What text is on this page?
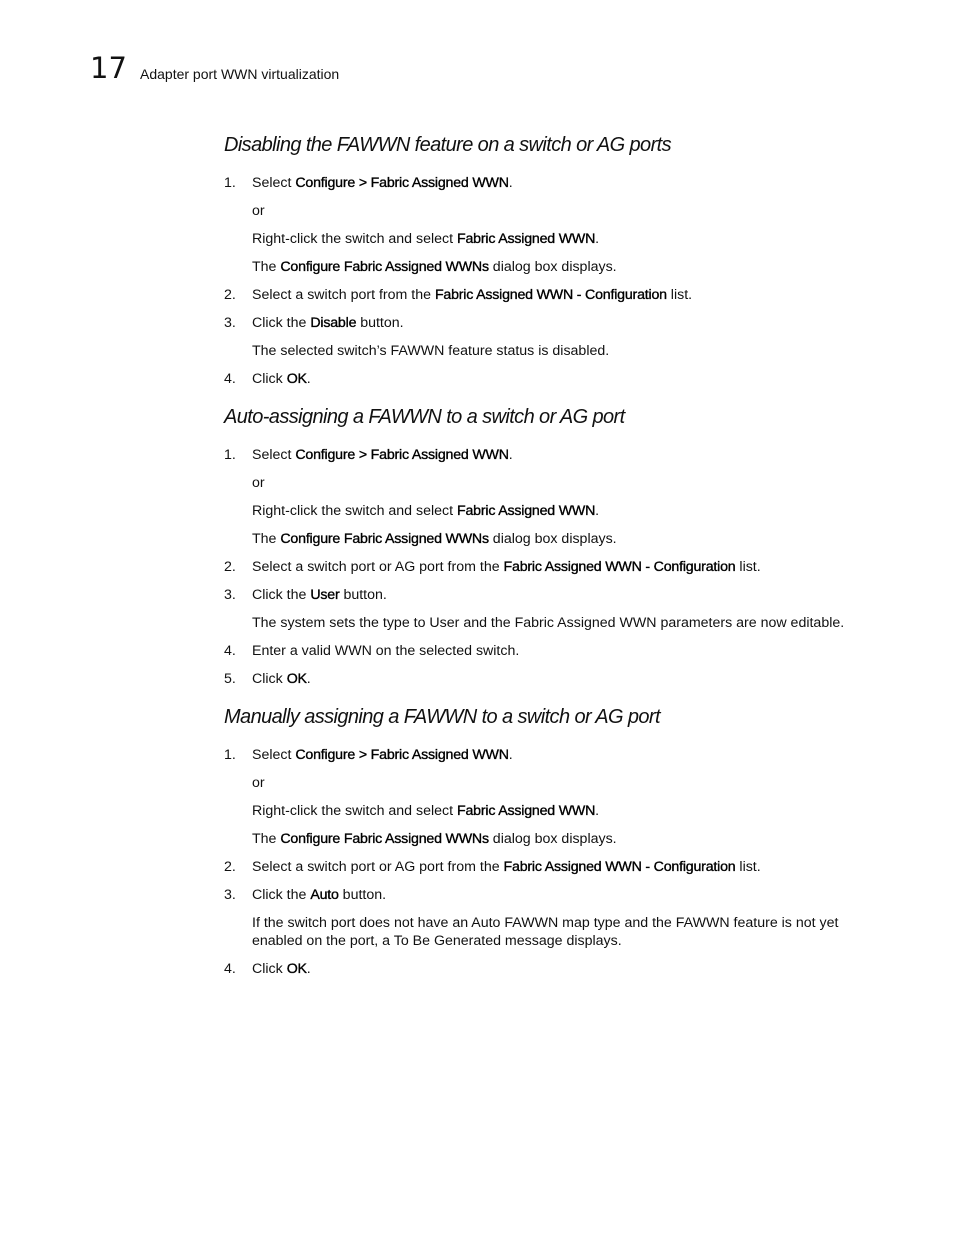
17 Adapter port WWN virtualization
Disabling the FAWWN feature on a switch or AG ports
1. Select Configure > Fabric Assigned WWN.
or
Right-click the switch and select Fabric Assigned WWN.
The Configure Fabric Assigned WWNs dialog box displays.
2. Select a switch port from the Fabric Assigned WWN - Configuration list.
3. Click the Disable button.
The selected switch’s FAWWN feature status is disabled.
4. Click OK.
Auto-assigning a FAWWN to a switch or AG port
1. Select Configure > Fabric Assigned WWN.
or
Right-click the switch and select Fabric Assigned WWN.
The Configure Fabric Assigned WWNs dialog box displays.
2. Select a switch port or AG port from the Fabric Assigned WWN - Configuration list.
3. Click the User button.
The system sets the type to User and the Fabric Assigned WWN parameters are now editable.
4. Enter a valid WWN on the selected switch.
5. Click OK.
Manually assigning a FAWWN to a switch or AG port
1. Select Configure > Fabric Assigned WWN.
or
Right-click the switch and select Fabric Assigned WWN.
The Configure Fabric Assigned WWNs dialog box displays.
2. Select a switch port or AG port from the Fabric Assigned WWN - Configuration list.
3. Click the Auto button.
If the switch port does not have an Auto FAWWN map type and the FAWWN feature is not yet enabled on the port, a To Be Generated message displays.
4. Click OK.
